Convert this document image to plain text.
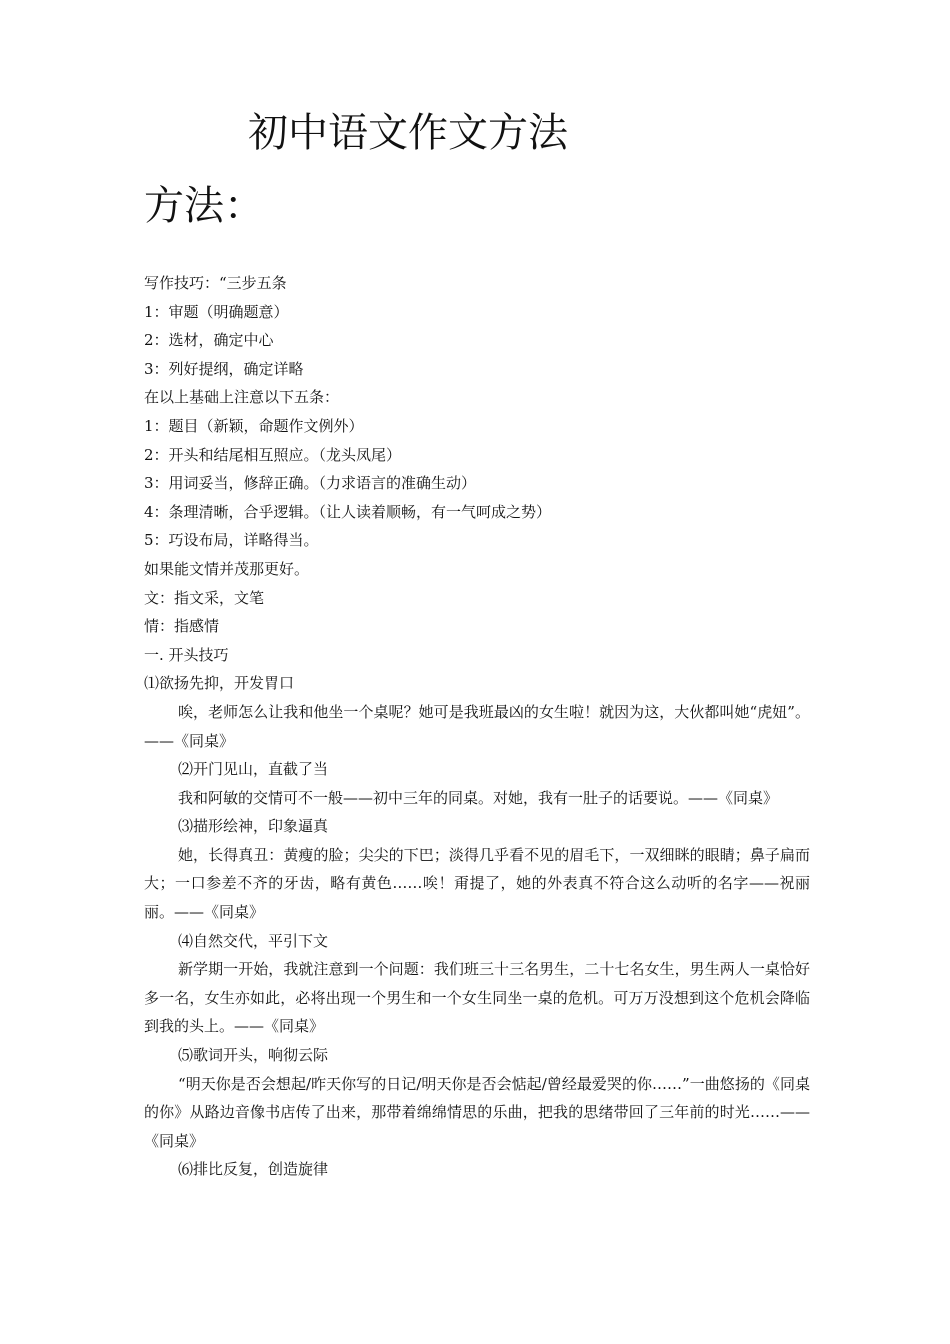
初中语文作文方法
方法：
写作技巧：“三步五条
1：审题（明确题意）
2：选材，确定中心
3：列好提纲，确定详略
在以上基础上注意以下五条：
1：题目（新颖，命题作文例外）
2：开头和结尾相互照应。（龙头凤尾）
3：用词妥当，修辞正确。（力求语言的准确生动）
4：条理清晰，合乎逻辑。（让人读着顺畅，有一气呵成之势）
5：巧设布局，详略得当。
如果能文情并茂那更好。
文：指文采，文笔
情：指感情
一. 开头技巧
⑴欲扬先抑，开发胃口
唉，老师怎么让我和他坐一个桌呢？她可是我班最凶的女生啦！就因为这，大伙都叫她“虎妞”。——《同桌》
⑵开门见山，直截了当
我和阿敏的交情可不一般——初中三年的同桌。对她，我有一肚子的话要说。——《同桌》
⑶描形绘神，印象逼真
她，长得真丑：黄瘦的脸；尖尖的下巴；淡得几乎看不见的眉毛下，一双细眯的眼睛；鼻子扁而大；一口参差不齐的牙齿，略有黄色……唉！甭提了，她的外表真不符合这么动听的名字——祝丽丽。——《同桌》
⑷自然交代，平引下文
新学期一开始，我就注意到一个问题：我们班三十三名男生，二十七名女生，男生两人一桌恰好多一名，女生亦如此，必将出现一个男生和一个女生同坐一桌的危机。可万万没想到这个危机会降临到我的头上。——《同桌》
⑸歌词开头，响彻云际
“明天你是否会想起/昨天你写的日记/明天你是否会惦起/曾经最爱哭的你……”一曲悠扬的《同桌的你》从路边音像书店传了出来，那带着绵绵情思的乐曲，把我的思绪带回了三年前的时光……——《同桌》
⑹排比反复，创造旋律
